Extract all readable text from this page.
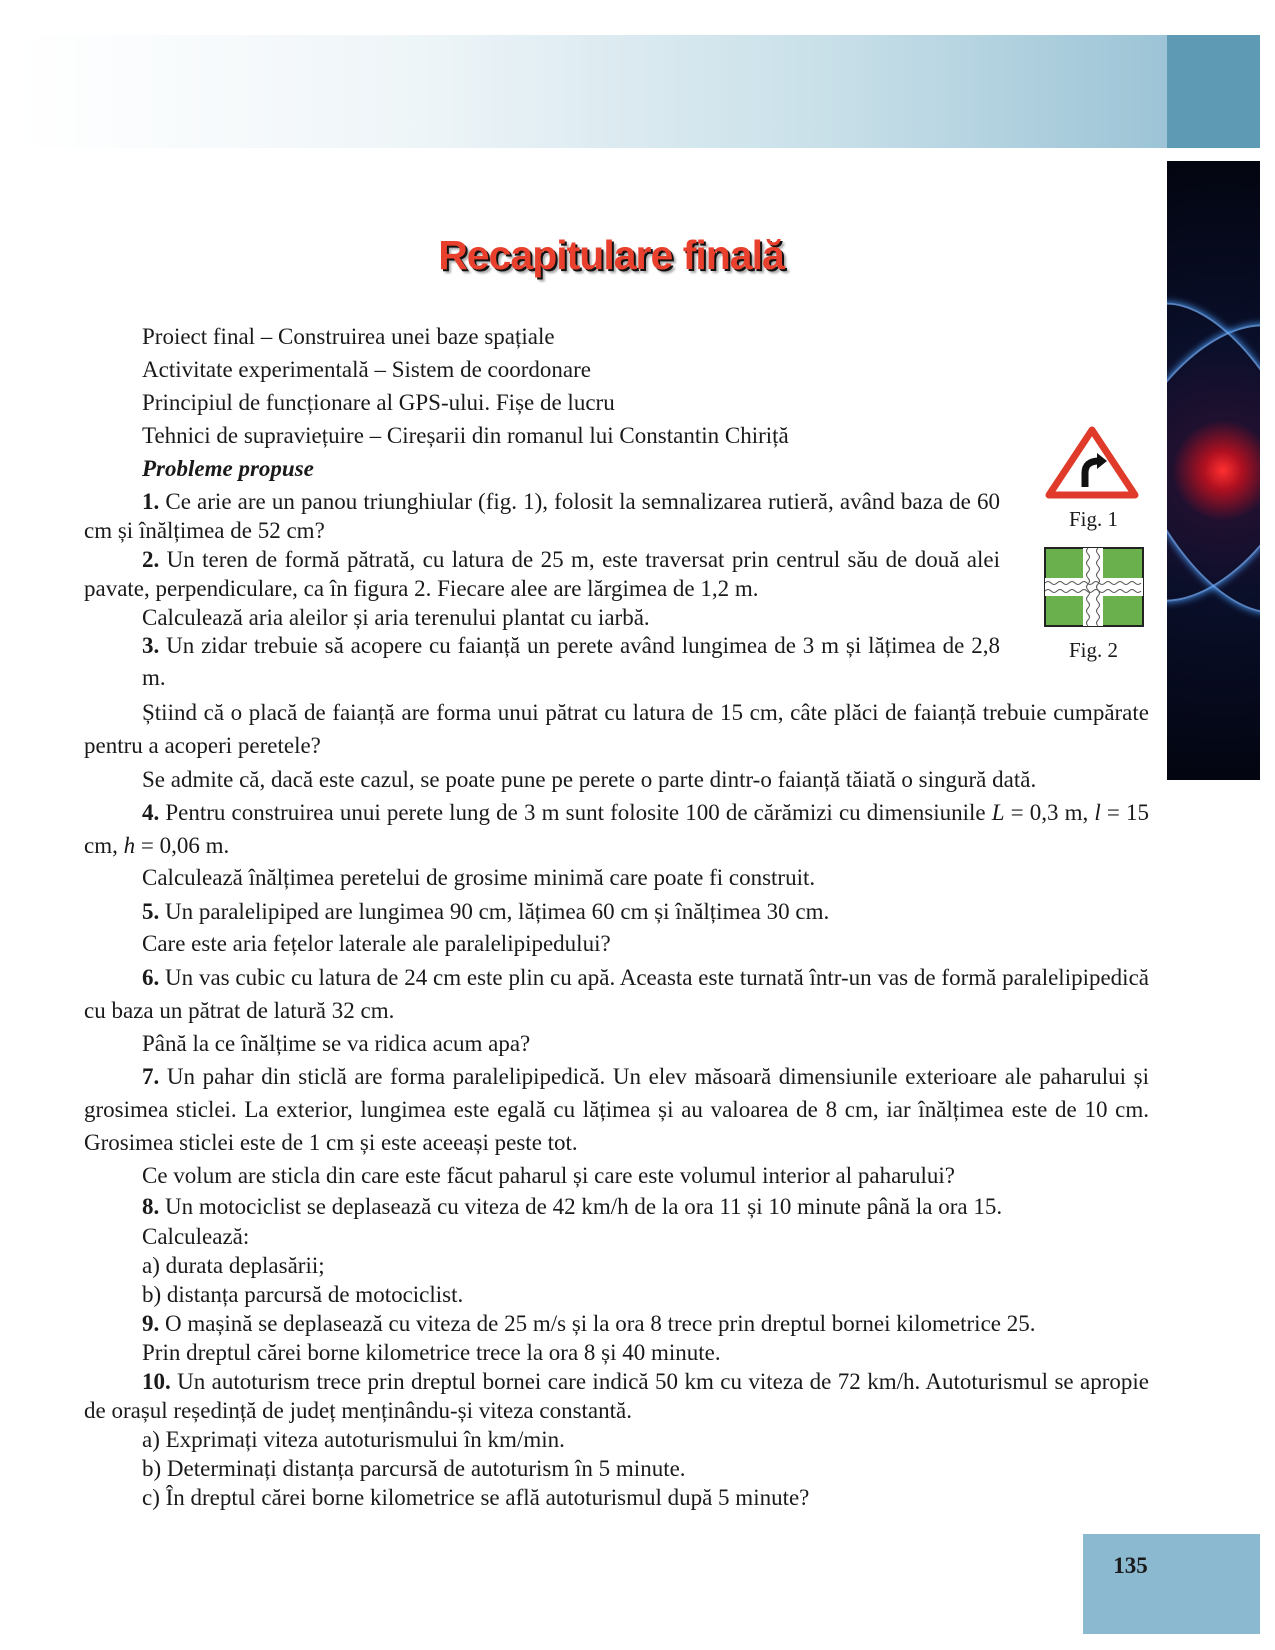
Recapitulare finală
Proiect final – Construirea unei baze spațiale
Activitate experimentală – Sistem de coordonare
Principiul de funcționare al GPS-ului. Fișe de lucru
Tehnici de supraviețuire – Cireșarii din romanul lui Constantin Chiriță
Probleme propuse
1. Ce arie are un panou triunghiular (fig. 1), folosit la semnalizarea rutieră, având baza de 60 cm și înălțimea de 52 cm?
2. Un teren de formă pătrată, cu latura de 25 m, este traversat prin centrul său de două alei pavate, perpendiculare, ca în figura 2. Fiecare alee are lărgimea de 1,2 m.
Calculează aria aleilor și aria terenului plantat cu iarbă.
3. Un zidar trebuie să acopere cu faianță un perete având lungimea de 3 m și lățimea de 2,8 m.
Știind că o placă de faianță are forma unui pătrat cu latura de 15 cm, câte plăci de faianță trebuie cumpărate pentru a acoperi peretele?
Se admite că, dacă este cazul, se poate pune pe perete o parte dintr-o faianță tăiată o singură dată.
4. Pentru construirea unui perete lung de 3 m sunt folosite 100 de cărămizi cu dimensiunile L = 0,3 m, l = 15 cm, h = 0,06 m.
Calculează înălțimea peretelui de grosime minimă care poate fi construit.
5. Un paralelipiped are lungimea 90 cm, lățimea 60 cm și înălțimea 30 cm.
Care este aria fețelor laterale ale paralelipipedului?
6. Un vas cubic cu latura de 24 cm este plin cu apă. Aceasta este turnată într-un vas de formă paralelipipedică cu baza un pătrat de latură 32 cm.
Până la ce înălțime se va ridica acum apa?
7. Un pahar din sticlă are forma paralelipipedică. Un elev măsoară dimensiunile exterioare ale paharului și grosimea sticlei. La exterior, lungimea este egală cu lățimea și au valoarea de 8 cm, iar înălțimea este de 10 cm. Grosimea sticlei este de 1 cm și este aceeași peste tot.
Ce volum are sticla din care este făcut paharul și care este volumul interior al paharului?
8. Un motociclist se deplasează cu viteza de 42 km/h de la ora 11 și 10 minute până la ora 15.
Calculează:
a) durata deplasării;
b) distanța parcursă de motociclist.
9. O mașină se deplasează cu viteza de 25 m/s și la ora 8 trece prin dreptul bornei kilometrice 25.
Prin dreptul cărei borne kilometrice trece la ora 8 și 40 minute.
10. Un autoturism trece prin dreptul bornei care indică 50 km cu viteza de 72 km/h. Autoturismul se apropie de orașul reședință de județ menținându-și viteza constantă.
a) Exprimați viteza autoturismului în km/min.
b) Determinați distanța parcursă de autoturism în 5 minute.
c) În dreptul cărei borne kilometrice se află autoturismul după 5 minute?
Fig. 1
Fig. 2
135
